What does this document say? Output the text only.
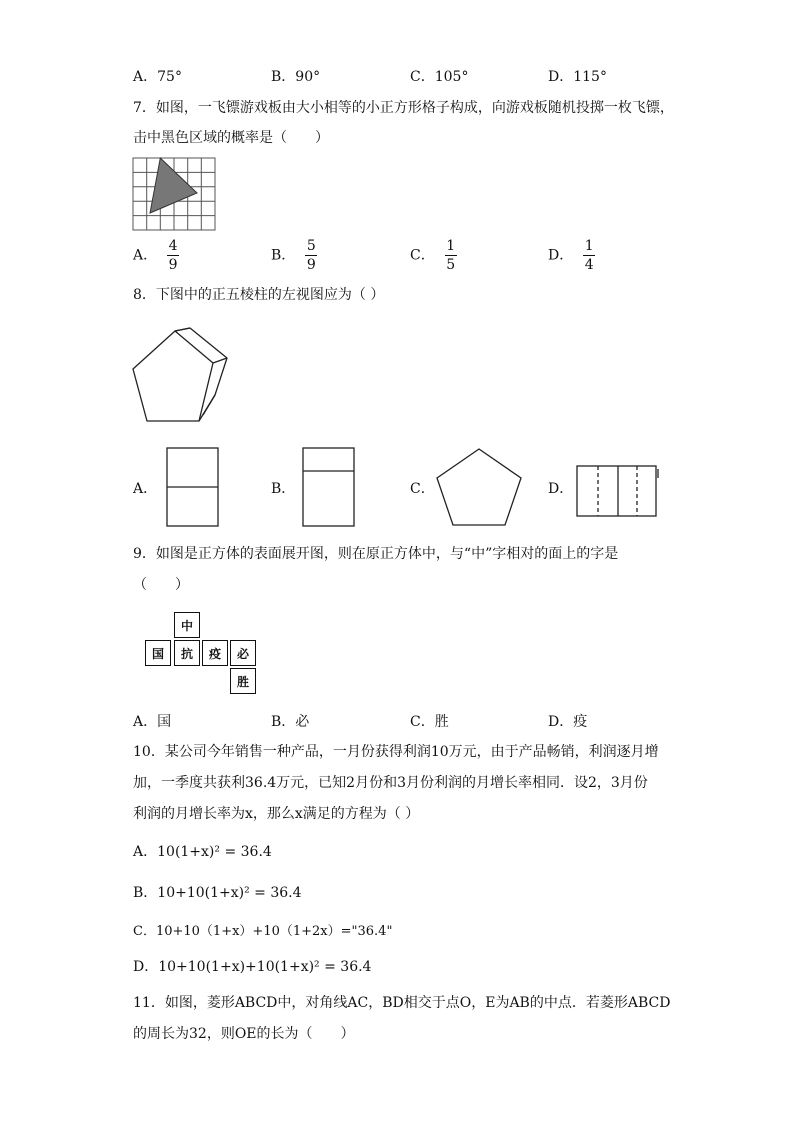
A．75°	B．90°	C．105°	D．115°
7．如图，一飞镖游戏板由大小相等的小正方形格子构成，向游戏板随机投掷一枚飞镖，
击中黑色区域的概率是（　　）
A． $\frac{4}{9}$	B． $\frac{5}{9}$	C． $\frac{1}{5}$	D． $\frac{1}{4}$
8．下图中的正五棱柱的左视图应为（ ）
A．	B．	C．	D．
9．如图是正方体的表面展开图，则在原正方体中，与“中”字相对的面上的字是
（　　）
中
国	抗	疫	必
胜
A．国	B．必	C．胜	D．疫
10．某公司今年销售一种产品，一月份获得利润10万元，由于产品畅销，利润逐月增
加，一季度共获利36.4万元，已知2月份和3月份利润的月增长率相同．设2，3月份
利润的月增长率为x，那么x满足的方程为（ ）
A．10(1+x)² = 36.4
B．10+10(1+x)² = 36.4
C．10+10（1+x）+10（1+2x）="36.4"
D．10+10(1+x)+10(1+x)² = 36.4
11．如图，菱形ABCD中，对角线AC，BD相交于点O，E为AB的中点．若菱形ABCD
的周长为32，则OE的长为（　　）
